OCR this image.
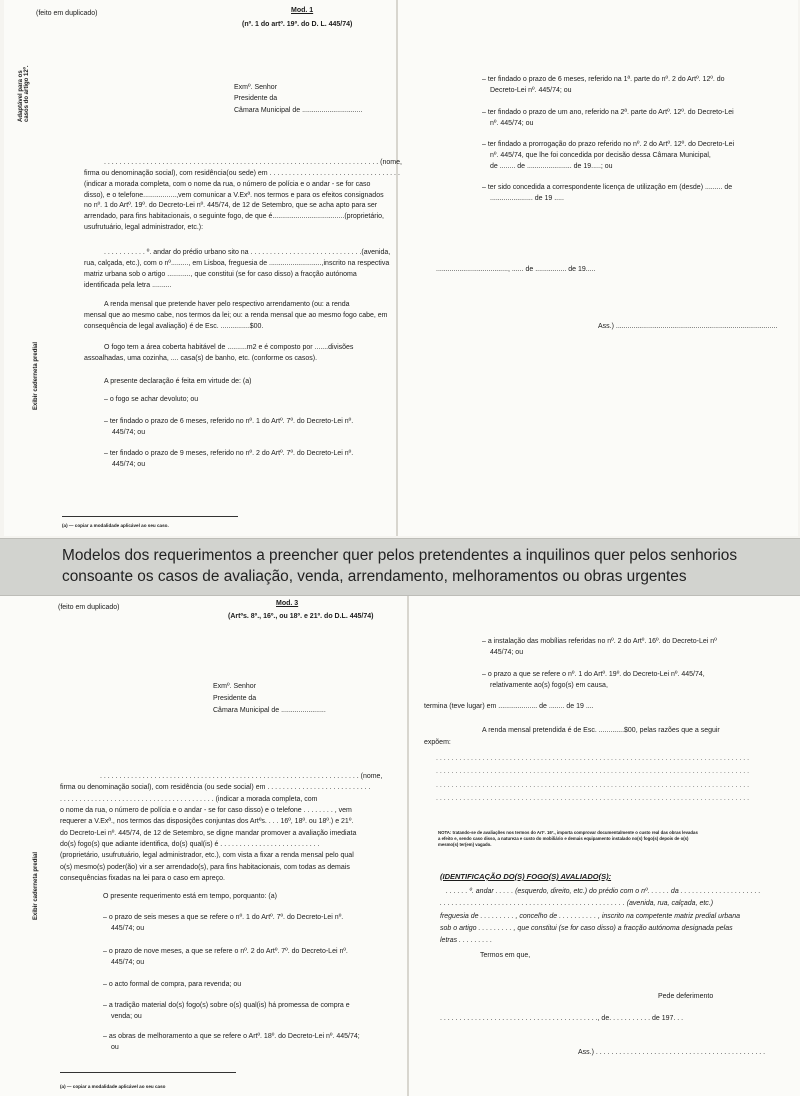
(feito em duplicado)	Mod. 1
(nº. 1 do artº. 19º. do D. L. 445/74)
Adaptável para os casos do artigo 12º.
Exibir caderneta predial
Exmº. Senhor
Presidente da
Câmara Municipal de ...............................
. . . . . . . . . . . . . . . . . . . . . . . . . . . . . . . . . . . . . . . . . . . . . . . . . . . . . . . . . . . . . . . . . . . . . . . (nome,
firma ou denominação social), com residência(ou sede) em . . . . . . . . . . . . . . . . . . . . . . . . . . . . . . . . . .
(indicar a morada completa, com o nome da rua, o número de polícia e o andar - se for caso
disso), e o telefone.................,vem comunicar a V.Exª. nos termos e para os efeitos consignados
no nº. 1 do Artº. 19º. do Decreto-Lei nº. 445/74, de 12 de Setembro, que se acha apto para ser
arrendado, para fins habitacionais, o seguinte fogo, de que é.....................................(proprietário,
usufrutuário, legal administrador, etc.):
. . . . . . . . . . . º. andar do prédio urbano sito na . . . . . . . . . . . . . . . . . . . . . . . . . . . . .(avenida,
rua, calçada, etc.), com o nº........., em Lisboa, freguesia de ...........................,inscrito na respectiva
matriz urbana sob o artigo ............, que constitui (se for caso disso) a fracção autónoma
identificada pela letra ..........
A renda mensal que pretende haver pelo respectivo arrendamento (ou: a renda
mensal que ao mesmo cabe, nos termos da lei; ou: a renda mensal que ao mesmo fogo cabe, em
consequência de legal avaliação) é de Esc. ...............$00.
O fogo tem a área coberta habitável de ..........m2 e é composto por .......divisões
assoalhadas, uma cozinha, .... casa(s) de banho, etc. (conforme os casos).
A presente declaração é feita em virtude de: (a)
– o fogo se achar devoluto; ou
– ter findado o prazo de 6 meses, referido no nº. 1 do Artº. 7º. do Decreto-Lei nº.
445/74; ou
– ter findado o prazo de 9 meses, referido no nº. 2 do Artº. 7º. do Decreto-Lei nº.
445/74; ou
(a) — copiar a modalidade aplicável ao seu caso.
– ter findado o prazo de 6 meses, referido na 1ª. parte do nº. 2 do Artº. 12º. do
Decreto-Lei nº. 445/74; ou
– ter findado o prazo de um ano, referido na 2ª. parte do Artº. 12º. do Decreto-Lei
nº. 445/74; ou
– ter findado a prorrogação do prazo referido no nº. 2 do Artº. 12º. do Decreto-Lei
nº. 445/74, que lhe foi concedida por decisão dessa Câmara Municipal,
de ........ de ....................... de 19.....; ou
– ter sido concedida a correspondente licença de utilização em (desde) ......... de
...................... de 19 .....
....................................., ...... de ................ de 19.....
Ass.) ...................................................................................
Modelos dos requerimentos a preencher quer pelos pretendentes a inquilinos quer pelos senhorios
consoante os casos de avaliação, venda, arrendamento, melhoramentos ou obras urgentes
(feito em duplicado)
Mod. 3
(Artºs. 8º., 16º., ou 18º. e 21º. do D.L. 445/74)
Exibir caderneta predial
Exmº. Senhor
Presidente da
Câmara Municipal de .......................
. . . . . . . . . . . . . . . . . . . . . . . . . . . . . . . . . . . . . . . . . . . . . . . . . . . . . . . . . . . . . . . . . . . (nome,
firma ou denominação social), com residência (ou sede social) em . . . . . . . . . . . . . . . . . . . . . . . . . . .
. . . . . . . . . . . . . . . . . . . . . . . . . . . . . . . . . . . . . . . . (indicar a morada completa, com
o nome da rua, o número de polícia e o andar - se for caso disso) e o telefone . . . . . . . . , vem
requerer a V.Exª., nos termos das disposições conjuntas dos Artºs. . . . 16º, 18º. ou 18º.) e 21º.
do Decreto-Lei nº. 445/74, de 12 de Setembro, se digne mandar promover a avaliação imediata
do(s) fogo(s) que adiante identifica, do(s) qual(is) é . . . . . . . . . . . . . . . . . . . . . . . . . .
(proprietário, usufrutuário, legal administrador, etc.), com vista a fixar a renda mensal pelo qual
o(s) mesmo(s) poder(ão) vir a ser arrendado(s), para fins habitacionais, com todas as demais
consequências fixadas na lei para o caso em apreço.
O presente requerimento está em tempo, porquanto: (a)
– o prazo de seis meses a que se refere o nº. 1 do Artº. 7º. do Decreto-Lei nº.
445/74; ou
– o prazo de nove meses, a que se refere o nº. 2 do Artº. 7º. do Decreto-Lei nº.
445/74; ou
– o acto formal de compra, para revenda; ou
– a tradição material do(s) fogo(s) sobre o(s) qual(is) há promessa de compra e
venda; ou
– as obras de melhoramento a que se refere o Artº. 18º. do Decreto-Lei nº. 445/74;
ou
(a) — copiar a modalidade aplicável ao seu caso
– a instalação das mobílias referidas no nº. 2 do Artº. 16º. do Decreto-Lei nº
445/74; ou
– o prazo a que se refere o nº. 1 do Artº. 19º. do Decreto-Lei nº. 445/74,
relativamente ao(s) fogo(s) em causa,
termina (teve lugar) em .................... de ........ de 19 ....
A renda mensal pretendida é de Esc. .............$00, pelas razões que a seguir
expõem:
. . . . . . . . . . . . . . . . . . . . . . . . . . . . . . . . . . . . . . . . . . . . . . . . . . . . . . . . . . . . . . . . . . . . . . . . . . . . . . . . .
. . . . . . . . . . . . . . . . . . . . . . . . . . . . . . . . . . . . . . . . . . . . . . . . . . . . . . . . . . . . . . . . . . . . . . . . . . . . . . . . .
. . . . . . . . . . . . . . . . . . . . . . . . . . . . . . . . . . . . . . . . . . . . . . . . . . . . . . . . . . . . . . . . . . . . . . . . . . . . . . . . .
. . . . . . . . . . . . . . . . . . . . . . . . . . . . . . . . . . . . . . . . . . . . . . . . . . . . . . . . . . . . . . . . . . . . . . . . . . . . . . . . .
NOTA: tratando-se de avaliações nos termos do Artº. 16º., importa comprovar documentalmente o custo real das obras levadas
a efeito e, sendo caso disso, a natureza e custo do mobiliário e demais equipamento instalado no(s) fogo(s) depois de o(s)
mesmo(s) ter(em) vagado.
(IDENTIFICAÇÃO DO(S) FOGO(S) AVALIADO(S):
. . . . . . º. andar . . . . . (esquerdo, direito, etc.) do prédio com o nº. . . . . . da . . . . . . . . . . . . . . . . . . . . .
. . . . . . . . . . . . . . . . . . . . . . . . . . . . . . . . . . . . . . . . . . . . . . . . (avenida, rua, calçada, etc.)
freguesia de . . . . . . . . . , concelho de . . . . . . . . . . , inscrito na competente matriz predial urbana
sob o artigo . . . . . . . . . , que constitui (se for caso disso) a fracção autónoma designada pelas
letras . . . . . . . . .
Termos em que,
Pede deferimento
. . . . . . . . . . . . . . . . . . . . . . . . . . . . . . . . . . . . . . . . ., de. . . . . . . . . . . de 197. . .
Ass.) . . . . . . . . . . . . . . . . . . . . . . . . . . . . . . . . . . . . . . . . . . . .
